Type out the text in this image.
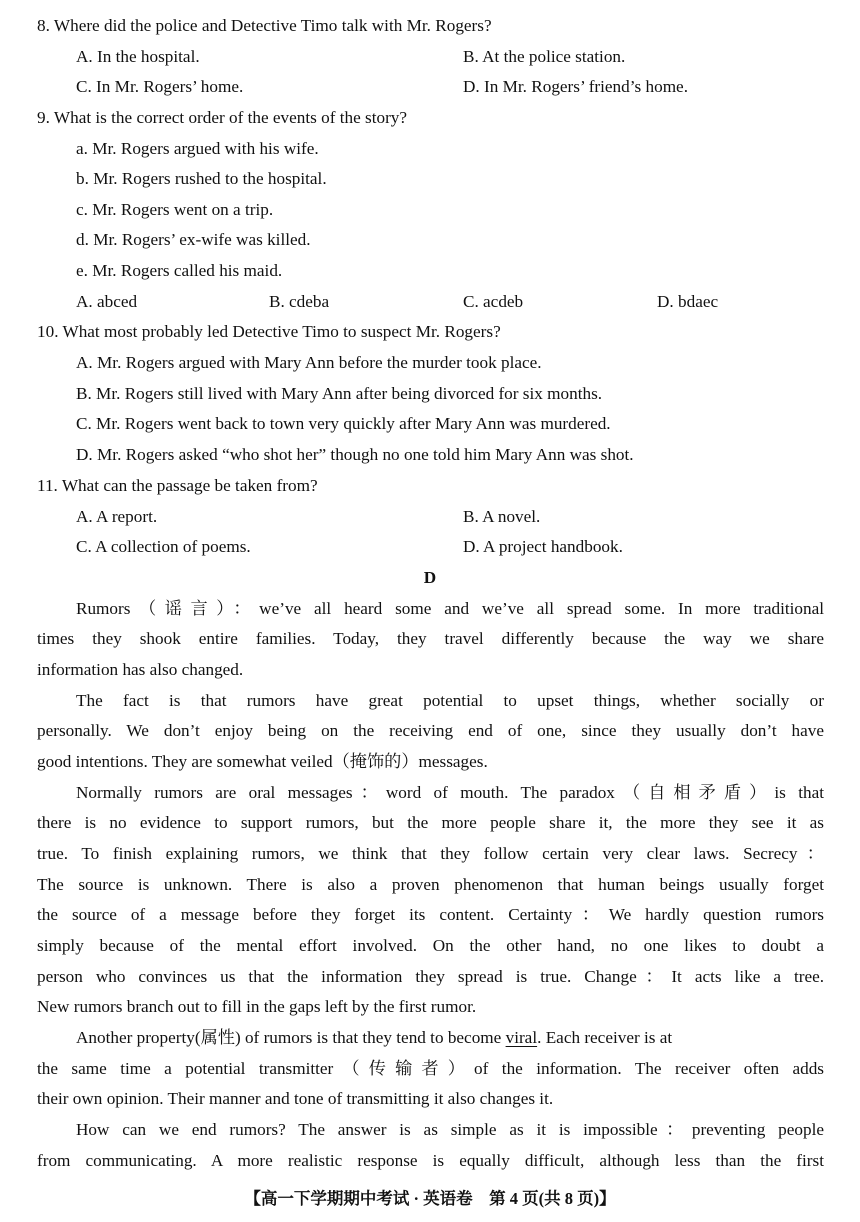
8. Where did the police and Detective Timo talk with Mr. Rogers?
A. In the hospital.	B. At the police station.
C. In Mr. Rogers’ home.	D. In Mr. Rogers’ friend’s home.
9. What is the correct order of the events of the story?
a. Mr. Rogers argued with his wife.
b. Mr. Rogers rushed to the hospital.
c. Mr. Rogers went on a trip.
d. Mr. Rogers’ ex-wife was killed.
e. Mr. Rogers called his maid.
A. abced	B. cdeba	C. acdeb	D. bdaec
10. What most probably led Detective Timo to suspect Mr. Rogers?
A. Mr. Rogers argued with Mary Ann before the murder took place.
B. Mr. Rogers still lived with Mary Ann after being divorced for six months.
C. Mr. Rogers went back to town very quickly after Mary Ann was murdered.
D. Mr. Rogers asked “who shot her” though no one told him Mary Ann was shot.
11. What can the passage be taken from?
A. A report.	B. A novel.
C. A collection of poems.	D. A project handbook.
D
Rumors（谣言）：we’ve all heard some and we’ve all spread some. In more traditional
times they shook entire families. Today, they travel differently because the way we share
information has also changed.
The fact is that rumors have great potential to upset things, whether socially or
personally. We don’t enjoy being on the receiving end of one, since they usually don’t have
good intentions. They are somewhat veiled（掩饰的）messages.
Normally rumors are oral messages：word of mouth. The paradox（自相矛盾）is that
there is no evidence to support rumors, but the more people share it, the more they see it as
true. To finish explaining rumors, we think that they follow certain very clear laws. Secrecy：
The source is unknown. There is also a proven phenomenon that human beings usually forget
the source of a message before they forget its content. Certainty：We hardly question rumors
simply because of the mental effort involved. On the other hand, no one likes to doubt a
person who convinces us that the information they spread is true. Change：It acts like a tree.
New rumors branch out to fill in the gaps left by the first rumor.
Another property(属性) of rumors is that they tend to become viral. Each receiver is at
the same time a potential transmitter（传输者）of the information. The receiver often adds
their own opinion. Their manner and tone of transmitting it also changes it.
How can we end rumors? The answer is as simple as it is impossible：preventing people
from communicating. A more realistic response is equally difficult, although less than the first
【高一下学期期中考试 · 英语卷　第 4 页(共 8 页)】
